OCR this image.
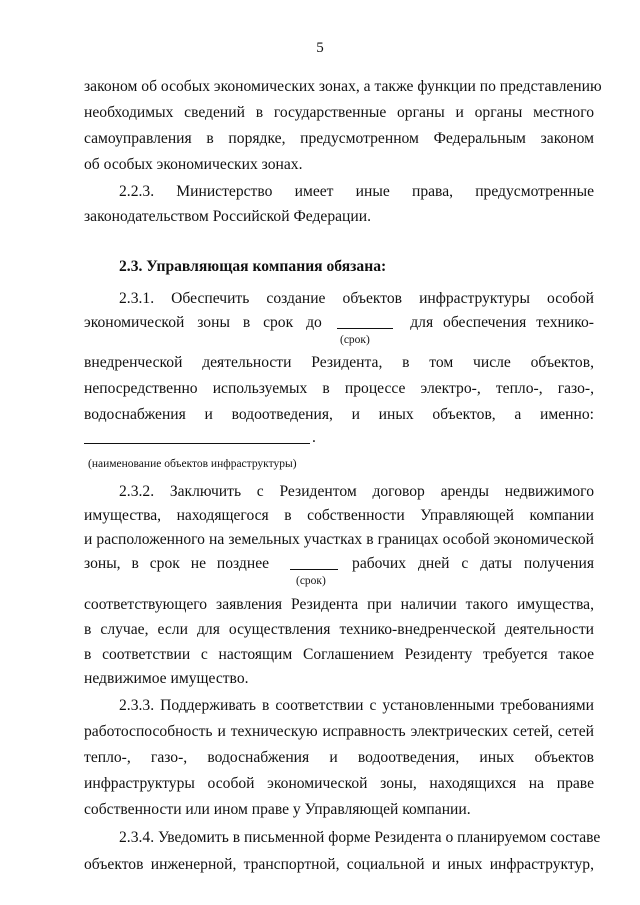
5
законом об особых экономических зонах, а также функции по представлению
необходимых сведений в государственные органы и органы местного
самоуправления в порядке, предусмотренном Федеральным законом
об особых экономических зонах.
2.2.3. Министерство имеет иные права, предусмотренные
законодательством Российской Федерации.
2.3. Управляющая компания обязана:
2.3.1. Обеспечить создание объектов инфраструктуры особой
экономической зоны в срок до	для обеспечения технико-
(срок)
внедренческой деятельности Резидента, в том числе объектов,
непосредственно используемых в процессе электро-, тепло-, газо-,
водоснабжения и водоотведения, и иных объектов, а именно:
.
(наименование объектов инфраструктуры)
2.3.2. Заключить с Резидентом договор аренды недвижимого
имущества, находящегося в собственности Управляющей компании
и расположенного на земельных участках в границах особой экономической
зоны, в срок не позднее	рабочих дней с даты получения
(срок)
соответствующего заявления Резидента при наличии такого имущества,
в случае, если для осуществления технико-внедренческой деятельности
в соответствии с настоящим Соглашением Резиденту требуется такое
недвижимое имущество.
2.3.3. Поддерживать в соответствии с установленными требованиями
работоспособность и техническую исправность электрических сетей, сетей
тепло-, газо-, водоснабжения и водоотведения, иных объектов
инфраструктуры особой экономической зоны, находящихся на праве
собственности или ином праве у Управляющей компании.
2.3.4. Уведомить в письменной форме Резидента о планируемом составе
объектов инженерной, транспортной, социальной и иных инфраструктур,
